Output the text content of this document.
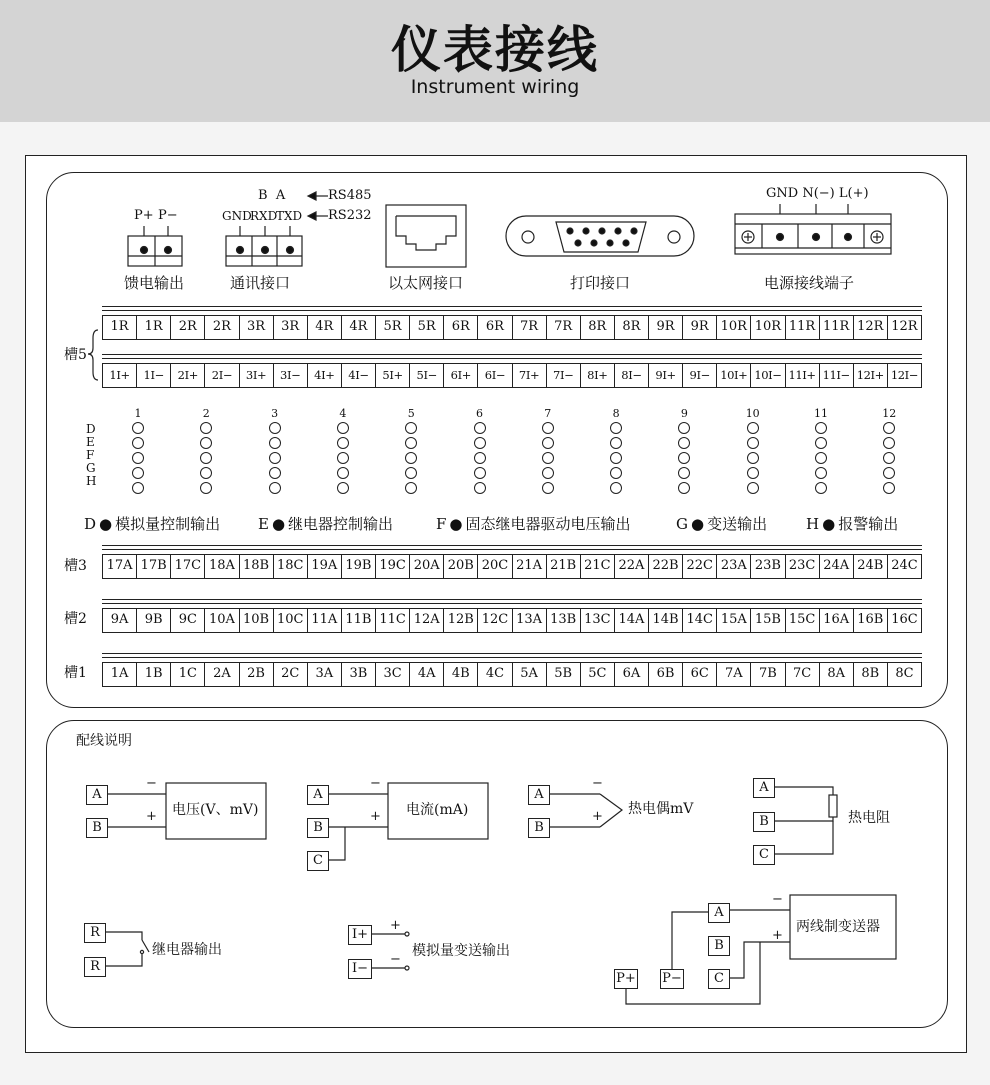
仪表接线
Instrument wiring
P+ P−
馈电输出
B  A	RS485
GND
RXD
TXD RS232
通讯接口	以太网接口	打印接口
GND N(−) L(+)
电源接线端子
槽5
1R	1R	2R	2R	3R	3R	4R	4R	5R	5R	6R	6R	7R	7R	8R	8R	9R	9R 10R 10R 11R 11R 12R 12R
1I+	1I−	2I+	2I−	3I+	3I−	4I+	4I−	5I+	5I−	6I+	6I−	7I+	7I−	8I+	8I−	9I+	9I− 10I+ 10I− 11I+ 11I− 12I+ 12I−
D
E
F
G
H
1	2	3	4	5	6	7	8	9	10	11	12
D ● 模拟量控制输出	E ● 继电器控制输出	F ● 固态继电器驱动电压输出	G ● 变送输出	H ● 报警输出
槽3 17A 17B 17C 18A 18B 18C 19A 19B 19C 20A 20B 20C 21A 21B 21C 22A 22B 22C 23A 23B 23C 24A 24B 24C
槽2	9A	9B	9C 10A 10B 10C 11A 11B 11C 12A 12B 12C 13A 13B 13C 14A 14B 14C 15A 15B 15C 16A 16B 16C
槽1	1A	1B	1C	2A	2B	2C	3A	3B	3C	4A	4B	4C	5A	5B	5C	6A	6B	6C	7A	7B	7C	8A	8B	8C
配线说明
A
B
−
+ 电压(V、mV)
A
B
C
−
+ 电流(mA)
A
B
−
+ 热电偶mV
A
B
C
热电阻
R
R
继电器输出
I+
I−
+
−
模拟量变送输出
A
B
C
P+ P−
−
+
两线制变送器
